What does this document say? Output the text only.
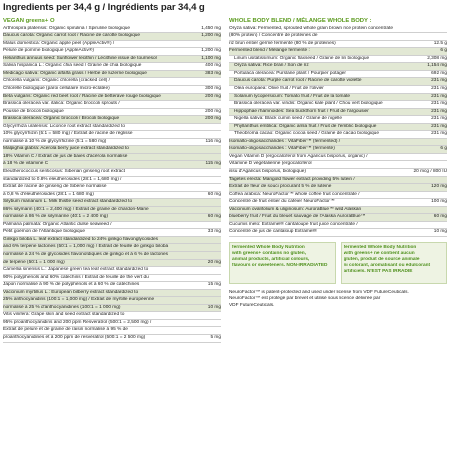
Ingredients per 34,4 g / Ingrédients par 34,4 g
VEGAN greens+ O
Arthrospira platensis: Organic spirulina / Spiruline biologique	1,450 mg
Daucus carota: Organic carrot root / Racine de carotte biologique	1,200 mg
Malus domestica: Organic apple peel (AppleActiv®) /
Pelure de pomme biologique (AppleActiv®)	1,200 mg
Helianthus annuus seed: Sunflower lecithin / Lécithine issue de tournesol	1,100 mg
Salvia hispanica L.: Organic chia seed / Graine de chia biologique	400 mg
Medicago sativa: Organic alfalfa grass / Herbe de luzerne biologique	383 mg
Chlorella vulgaris: Organic chlorella (cracked cell) /
Chlorelle biologique (paroi cellulaire micro-éclatée)	300 mg
Beta vulgaris: Organic red beet root / Racine de betterave rouge biologique	200 mg
Brassica oleracea var. italica: Organic broccoli sprouts /
Pousse de brocoli biologique	200 mg
Brassica oleracea: Organic broccoli / Brocoli biologique	200 mg
Glycyrrhiza uralensis: Licorice root extract standardized to
10% glycyrrhizin (5:1 = 580 mg) / Extrait de racine de réglisse
normalisé à 10 % de glycyrrhizine (5:1 = 580 mg)	116 mg
Malpighia glabra: Acerola berry juice extract standardized to
18% Vitamin C / Extrait de jus de baies d'acérola normalisé
à 18 % de vitamine C	115 mg
Eleutherococcus senticosus: Siberian ginseng root extract
standardized to 0.8% eleutherosides (28:1 = 1,680 mg) /
Extrait de racine de ginseng de Sibérie normalisé
à 0,8 % d'éleuthérosides (28:1 = 1 680 mg)	60 mg
Silybum marianum L. Milk thistle seed extract standardized to
86% silymarin (40:1 = 2,400 mg) / Extrait de graine de chardon-Marie
normalisé à 86 % de silymarine (40:1 = 2 400 mg)	60 mg
Palmaria palmata: Organic Atlantic dulse seaweed /
Petit goémon de l'Atlantique biologique	33 mg
Ginkgo biloba L. leaf extract standardized to 24% ginkgo flavonglycosides
and 6% terpene lactones (50:1 = 1,000 mg) / Extrait de feuille de ginkgo biloba
normalisé à 24 % de glycosides flavonoïdiques de ginkgo et à 6 % de lactones
de terpène (50:1 = 1 000 mg)	20 mg
Camellia sinensis L.: Japanese green tea leaf extract standardized to
90% polyphenols and 60% catechins / Extrait de feuille de thé vert du
Japon normalisé à 90 % de polyphénols et à 60 % de catéchines	15 mg
Vaccinium myrtillus L.: European bilberry extract standardized to
25% anthocyanidins (100:1 = 1,000 mg) / Extrait de myrtille européenne
normalisé à 25 % d'anthocyanidines (100:1 = 1 000 mg)	10 mg
Vitis vinifera: Grape skin and seed extract standardized to
95% proanthocyanidins and 200 ppm Resveratrol (500:1 = 2,500 mg) /
Extrait de pelure et de graine de raisin normalisé à 95 % de
proanthocyanidines et à 200 ppm de resvératrol (500:1 = 2 500 mg)	5 mg
WHOLE BODY BLEND / MÉLANGE WHOLE BODY :
Oryza sativa: Fermented, sprouted whole grain brown rice protein concentrate
(80% protein) / Concentré de protéines de
riz brun entier germé fermenté (80 % de protéines)	12.5 g
Fermented blend / Mélange fermenté :	6 g
Linum usitatissimum: Organic flaxseed / Graine de lin biologique	2,308 mg
Oryza sativa: Rice bran / Son de riz	1,154 mg
Portulaca oleracea: Purslane plant / Pourpier potager	692 mg
Daucus carota: Purple carrot root / Racine de carotte violette	231 mg
Olea europaea: Olive fruit / Fruit de l'olivier	231 mg
Solanum lycopersicum: Tomato fruit / Fruit de la tomate	231 mg
Brassica oleracea var. viridis: Organic kale plant / Chou vert biologique	231 mg
Hippophae rhamnoides: Sea buckthorn fruit / Fruit de l'argousier	231 mg
Nigella sativa: Black cumin seed / Graine de nigelle	231 mg
Phyllanthus emblica: Organic amla fruit / Fruit de l'emblic biologique	231 mg
Theobroma cacao: Organic cocoa seed / Graine de cacao biologique	231 mg
Isomalto-oligosaccharides : VitaFiber™ (fermented) /
Isomalto-oligosaccharides : VitaFiber™ (fermenté)	6 g
Vegan Vitamin D (ergocalciferol from Agaricus bisporus, organic) /
Vitamine D végétalienne (ergocalciférol
issu d'Agaricus bisporus, biologique)	20 mcg / 800 IU
Tagetes erecta: Marigold flower extract providing 5% lutein /
Extrait de fleur de souci procurant 5 % de lutéine	120 mg
Coffea arabica: NeuroFactor™ whole coffee fruit concentrate /
Concentré de fruit entier du caféier NeuroFactor™	100 mg
Vaccinium ovalifolium & uliginosum: AuroraBlue™ wild Alaskan
blueberry fruit / Fruit du bleuet sauvage de l'Alaska AuroraBlue™	60 mg
Cucumis melo: Extramel® cantaloupe fruit juice concentrate /
Concentré de jus de cantaloup Extramel®	10 mg
fermented Whole Body Nutrition
with greens+ contains no gluten,
animal products, artificial colours,
flavours or sweeteners. NON-IRRADIATED
fermented Whole Body Nutrition
with greens+ ne contient aucun
gluten, produit de source animale
ni colorant, aromatisant ou édulcorant
artificiels. N'EST PAS IRRADIÉ
NeuroFactor™ is patent-protected and used under license from VDF FutureCeuticals.
NeuroFactor™ est protégé par brevet et utilisé sous licence délivrée par
VDF FutureCeuticals.
